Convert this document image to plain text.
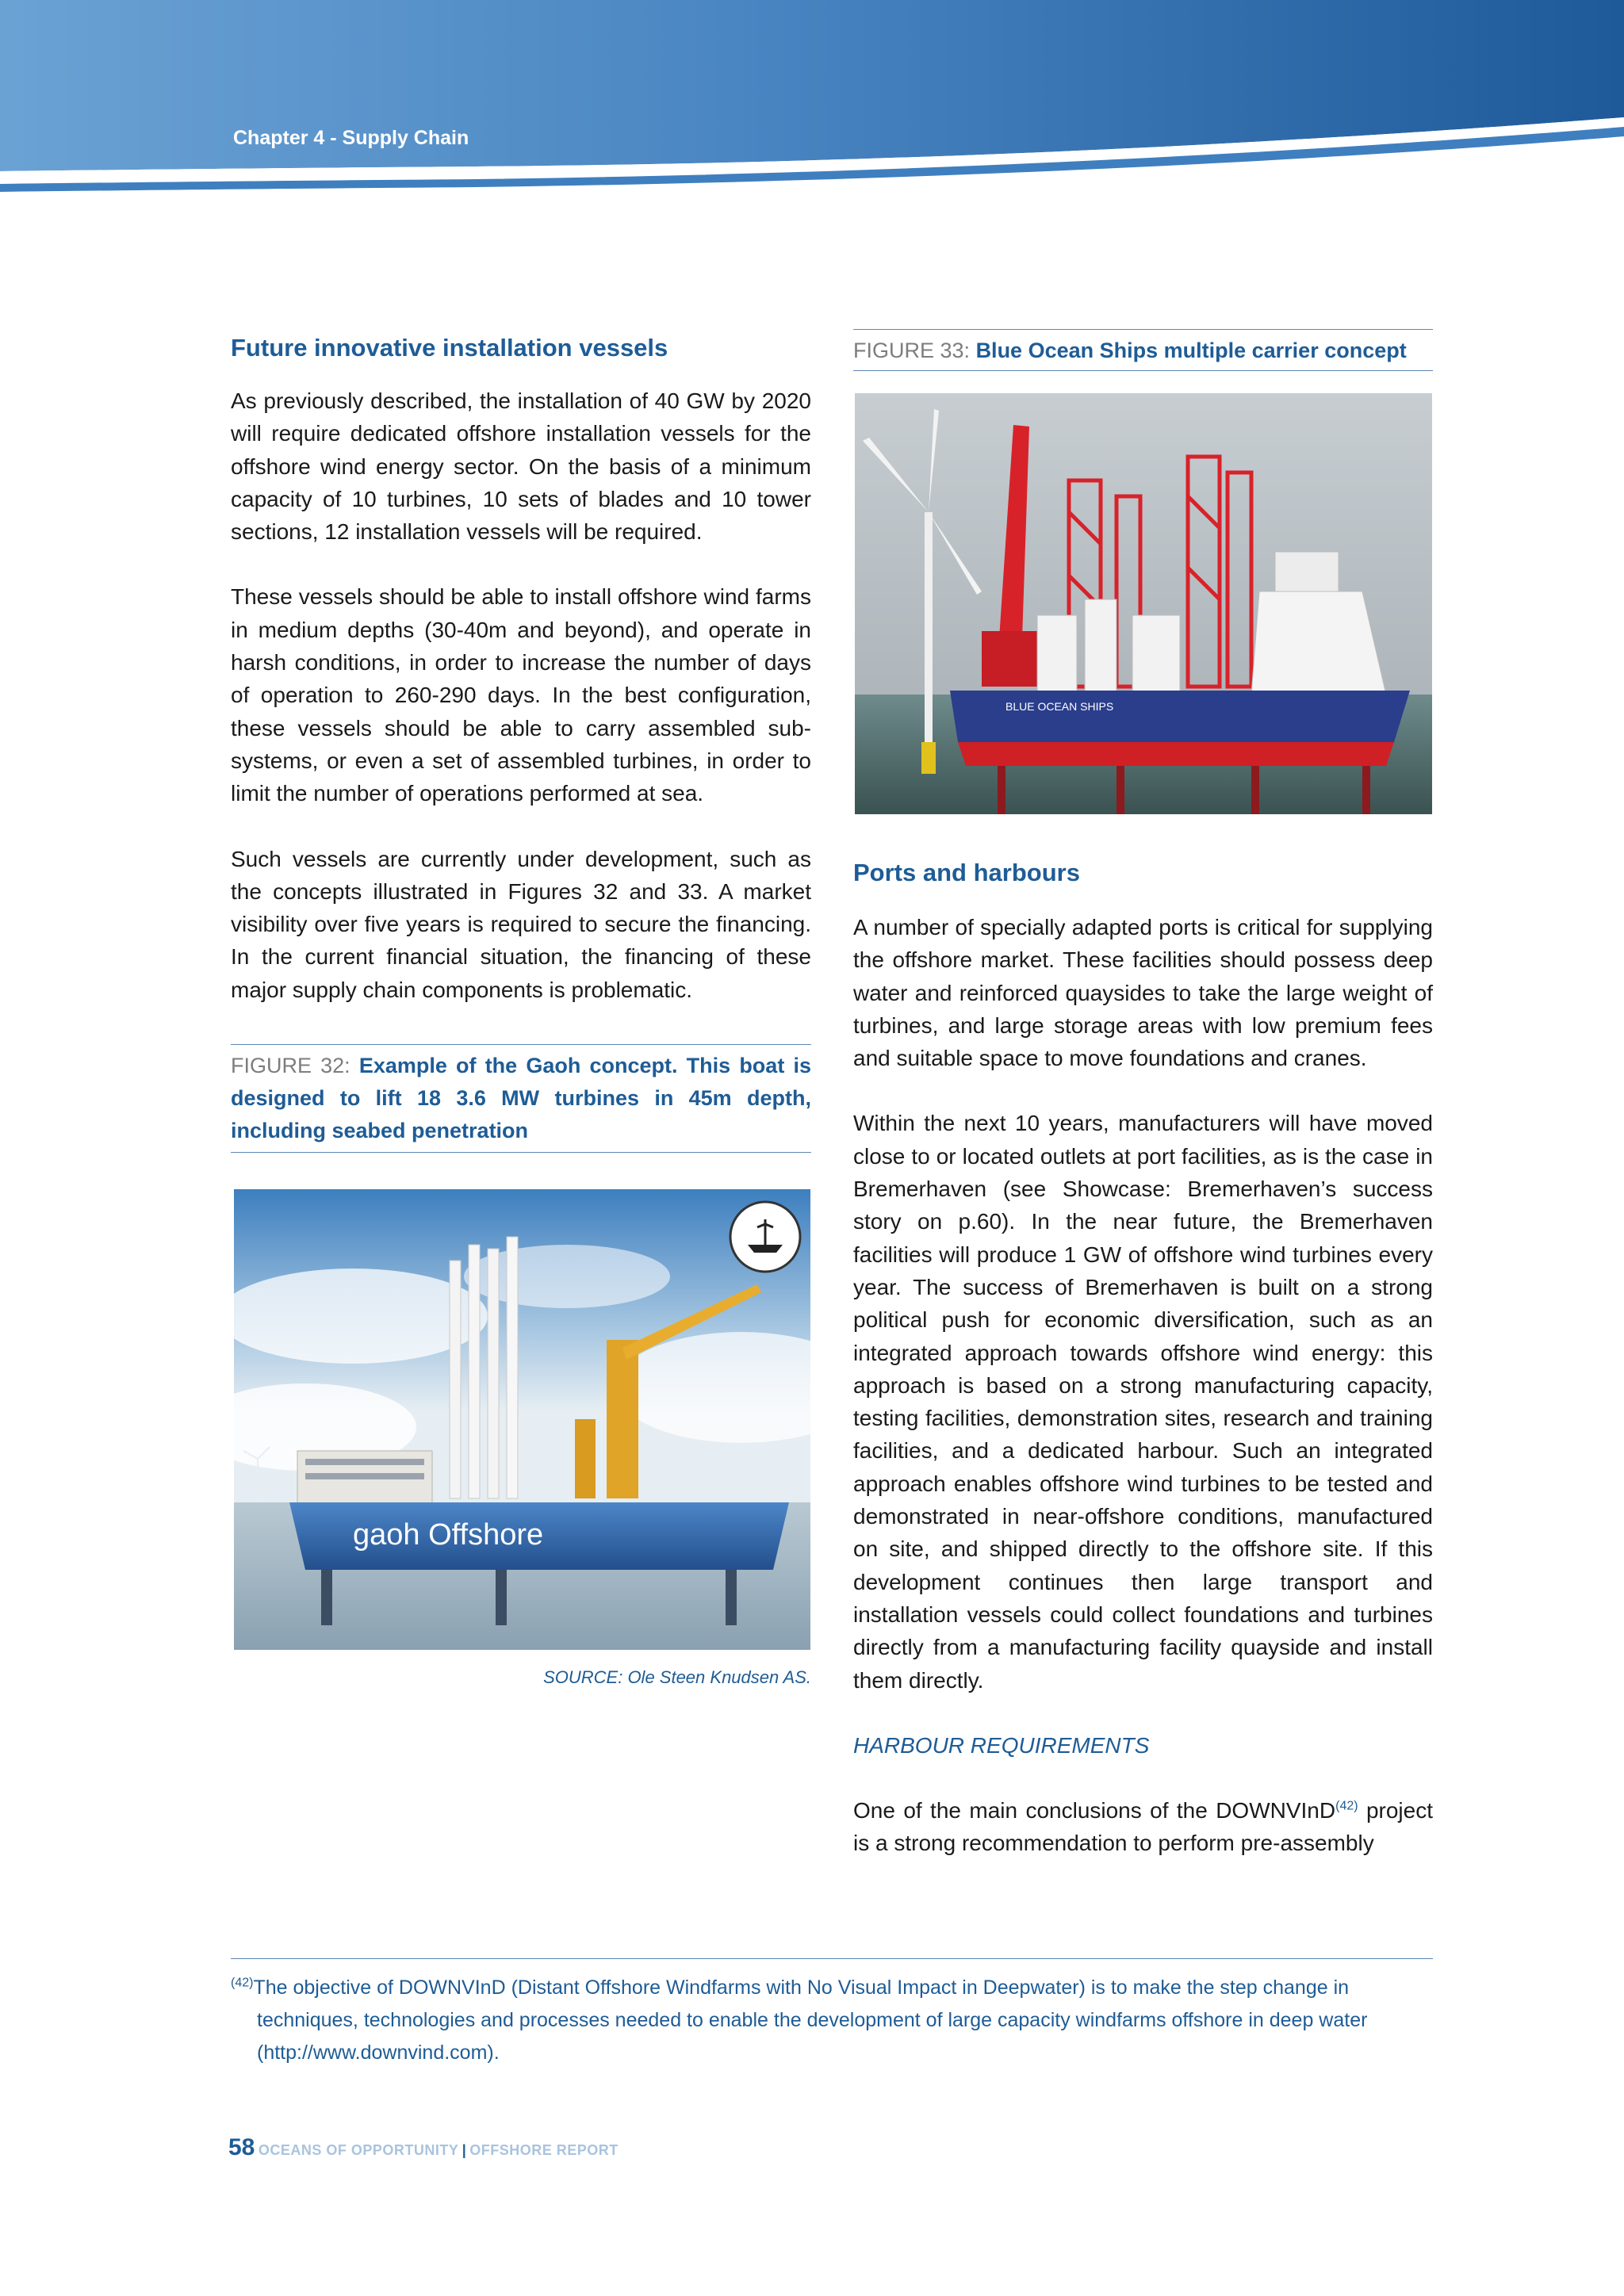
Chapter 4 - Supply Chain
Future innovative installation vessels

As previously described, the installation of 40 GW by 2020 will require dedicated offshore installation vessels for the offshore wind energy sector. On the basis of a minimum capacity of 10 turbines, 10 sets of blades and 10 tower sections, 12 installation vessels will be required.

These vessels should be able to install offshore wind farms in medium depths (30-40m and beyond), and operate in harsh conditions, in order to increase the number of days of operation to 260-290 days. In the best configuration, these vessels should be able to carry assembled sub-systems, or even a set of assembled turbines, in order to limit the number of operations performed at sea.

Such vessels are currently under development, such as the concepts illustrated in Figures 32 and 33. A market visibility over five years is required to secure the financing. In the current financial situation, the financing of these major supply chain components is problematic.

FIGURE 32: Example of the Gaoh concept. This boat is designed to lift 18 3.6 MW turbines in 45m depth, including seabed penetration
gaoh Offshore
SOURCE: Ole Steen Knudsen AS.
FIGURE 33: Blue Ocean Ships multiple carrier concept
BLUE OCEAN SHIPS
Ports and harbours

A number of specially adapted ports is critical for supplying the offshore market. These facilities should possess deep water and reinforced quaysides to take the large weight of turbines, and large storage areas with low premium fees and suitable space to move foundations and cranes.

Within the next 10 years, manufacturers will have moved close to or located outlets at port facilities, as is the case in Bremerhaven (see Showcase: Bremerhaven’s success story on p.60). In the near future, the Bremerhaven facilities will produce 1 GW of offshore wind turbines every year. The success of Bremerhaven is built on a strong political push for economic diversification, such as an integrated approach towards offshore wind energy: this approach is based on a strong manufacturing capacity, testing facilities, demonstration sites, research and training facilities, and a dedicated harbour. Such an integrated approach enables offshore wind turbines to be tested and demonstrated in near-offshore conditions, manufactured on site, and shipped directly to the offshore site. If this development continues then large transport and installation vessels could collect foundations and turbines directly from a manufacturing facility quayside and install them directly.

HARBOUR REQUIREMENTS

One of the main conclusions of the DOWNVInD$^{(42)}$ project is a strong recommendation to perform pre-assembly

$^{(42)}$The objective of DOWNVInD (Distant Offshore Windfarms with No Visual Impact in Deepwater) is to make the step change in techniques, technologies and processes needed to enable the development of large capacity windfarms offshore in deep water (http://www.downvind.com).
58 OCEANS OF OPPORTUNITY | OFFSHORE REPORT
